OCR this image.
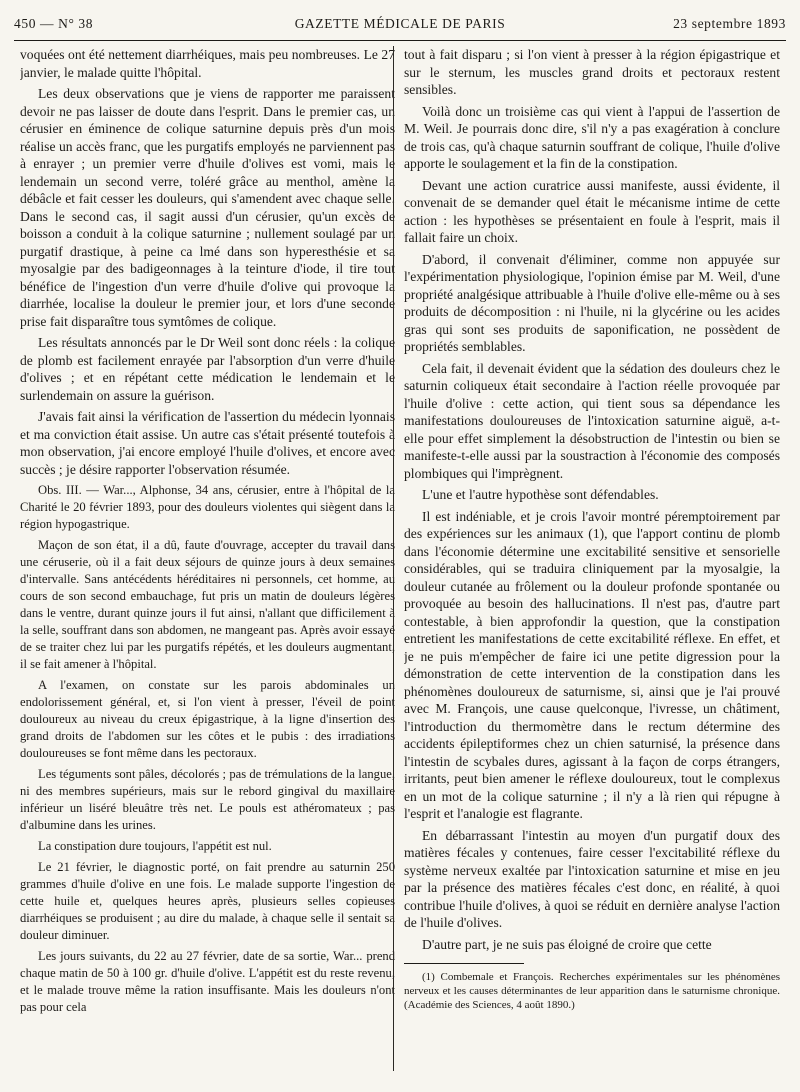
450 — N° 38	GAZETTE MÉDICALE DE PARIS	23 septembre 1893

voquées ont été nettement diarrhéiques, mais peu nombreuses. Le 27 janvier, le malade quitte l'hôpital.

Les deux observations que je viens de rapporter me paraissent devoir ne pas laisser de doute dans l'esprit. Dans le premier cas, un cérusier en éminence de colique saturnine depuis près d'un mois réalise un accès franc, que les purgatifs employés ne parviennent pas à enrayer ; un premier verre d'huile d'olives est vomi, mais le lendemain un second verre, toléré grâce au menthol, amène la débâcle et fait cesser les douleurs, qui s'amendent avec chaque selle. Dans le second cas, il sagit aussi d'un cérusier, qu'un excès de boisson a conduit à la colique saturnine ; nullement soulagé par un purgatif drastique, à peine ca lmé dans son hyperesthésie et sa myosalgie par des badigeonnages à la teinture d'iode, il tire tout bénéfice de l'ingestion d'un verre d'huile d'olive qui provoque la diarrhée, localise la douleur le premier jour, et lors d'une seconde prise fait disparaître tous symtômes de colique.

Les résultats annoncés par le Dr Weil sont donc réels : la colique de plomb est facilement enrayée par l'absorption d'un verre d'huile d'olives ; et en répétant cette médication le lendemain et le surlendemain on assure la guérison.

J'avais fait ainsi la vérification de l'assertion du médecin lyonnais et ma conviction était assise. Un autre cas s'était présenté toutefois à mon observation, j'ai encore employé l'huile d'olives, et encore avec succès ; je désire rapporter l'observation résumée.

Obs. III. — War..., Alphonse, 34 ans, cérusier, entre à l'hôpital de la Charité le 20 février 1893, pour des douleurs violentes qui siègent dans la région hypogastrique.

Maçon de son état, il a dû, faute d'ouvrage, accepter du travail dans une céruserie, où il a fait deux séjours de quinze jours à deux semaines d'intervalle. Sans antécédents héréditaires ni personnels, cet homme, au cours de son second embauchage, fut pris un matin de douleurs légères dans le ventre, durant quinze jours il fut ainsi, n'allant que difficilement à la selle, souffrant dans son abdomen, ne mangeant pas. Après avoir essayé de se traiter chez lui par les purgatifs répétés, et les douleurs augmentant, il se fait amener à l'hôpital.

A l'examen, on constate sur les parois abdominales un endolorissement général, et, si l'on vient à presser, l'éveil de point douloureux au niveau du creux épigastrique, à la ligne d'insertion des grand droits de l'abdomen sur les côtes et le pubis : des irradiations douloureuses se font même dans les pectoraux.

Les téguments sont pâles, décolorés ; pas de trémulations de la langue, ni des membres supérieurs, mais sur le rebord gingival du maxillaire inférieur un liséré bleuâtre très net. Le pouls est athéromateux ; pas d'albumine dans les urines.

La constipation dure toujours, l'appétit est nul.

Le 21 février, le diagnostic porté, on fait prendre au saturnin 250 grammes d'huile d'olive en une fois. Le malade supporte l'ingestion de cette huile et, quelques heures après, plusieurs selles copieuses diarrhéiques se produisent ; au dire du malade, à chaque selle il sentait sa douleur diminuer.

Les jours suivants, du 22 au 27 février, date de sa sortie, War... prend chaque matin de 50 à 100 gr. d'huile d'olive. L'appétit est du reste revenu, et le malade trouve même la ration insuffisante. Mais les douleurs n'ont pas pour cela

tout à fait disparu ; si l'on vient à presser à la région épigastrique et sur le sternum, les muscles grand droits et pectoraux restent sensibles.

Voilà donc un troisième cas qui vient à l'appui de l'assertion de M. Weil. Je pourrais donc dire, s'il n'y a pas exagération à conclure de trois cas, qu'à chaque saturnin souffrant de colique, l'huile d'olive apporte le soulagement et la fin de la constipation.

Devant une action curatrice aussi manifeste, aussi évidente, il convenait de se demander quel était le mécanisme intime de cette action : les hypothèses se présentaient en foule à l'esprit, mais il fallait faire un choix.

D'abord, il convenait d'éliminer, comme non appuyée sur l'expérimentation physiologique, l'opinion émise par M. Weil, d'une propriété analgésique attribuable à l'huile d'olive elle-même ou à ses produits de décomposition : ni l'huile, ni la glycérine ou les acides gras qui sont ses produits de saponification, ne possèdent de propriétés semblables.

Cela fait, il devenait évident que la sédation des douleurs chez le saturnin coliqueux était secondaire à l'action réelle provoquée par l'huile d'olive : cette action, qui tient sous sa dépendance les manifestations douloureuses de l'intoxication saturnine aiguë, a-t-elle pour effet simplement la désobstruction de l'intestin ou bien se manifeste-t-elle aussi par la soustraction à l'économie des composés plombiques qui l'imprègnent.

L'une et l'autre hypothèse sont défendables.

Il est indéniable, et je crois l'avoir montré péremptoirement par des expériences sur les animaux (1), que l'apport continu de plomb dans l'économie détermine une excitabilité sensitive et sensorielle considérables, qui se traduira cliniquement par la myosalgie, la douleur cutanée au frôlement ou la douleur profonde spontanée ou provoquée au besoin des hallucinations. Il n'est pas, d'autre part contestable, à bien approfondir la question, que la constipation entretient les manifestations de cette excitabilité réflexe. En effet, et je ne puis m'empêcher de faire ici une petite digression pour la démonstration de cette intervention de la constipation dans les phénomènes douloureux de saturnisme, si, ainsi que je l'ai prouvé avec M. François, une cause quelconque, l'ivresse, un châtiment, l'introduction du thermomètre dans le rectum détermine des accidents épileptiformes chez un chien saturnisé, la présence dans l'intestin de scybales dures, agissant à la façon de corps étrangers, irritants, peut bien amener le réflexe douloureux, tout le complexus en un mot de la colique saturnine ; il n'y a là rien qui répugne à l'esprit et l'analogie est flagrante.

En débarrassant l'intestin au moyen d'un purgatif doux des matières fécales y contenues, faire cesser l'excitabilité réflexe du système nerveux exaltée par l'intoxication saturnine et mise en jeu par la présence des matières fécales c'est donc, en réalité, à quoi contribue l'huile d'olives, à quoi se réduit en dernière analyse l'action de l'huile d'olives.

D'autre part, je ne suis pas éloigné de croire que cette

(1) Combemale et François. Recherches expérimentales sur les phénomènes nerveux et les causes déterminantes de leur apparition dans le saturnisme chronique. (Académie des Sciences, 4 août 1890.)
